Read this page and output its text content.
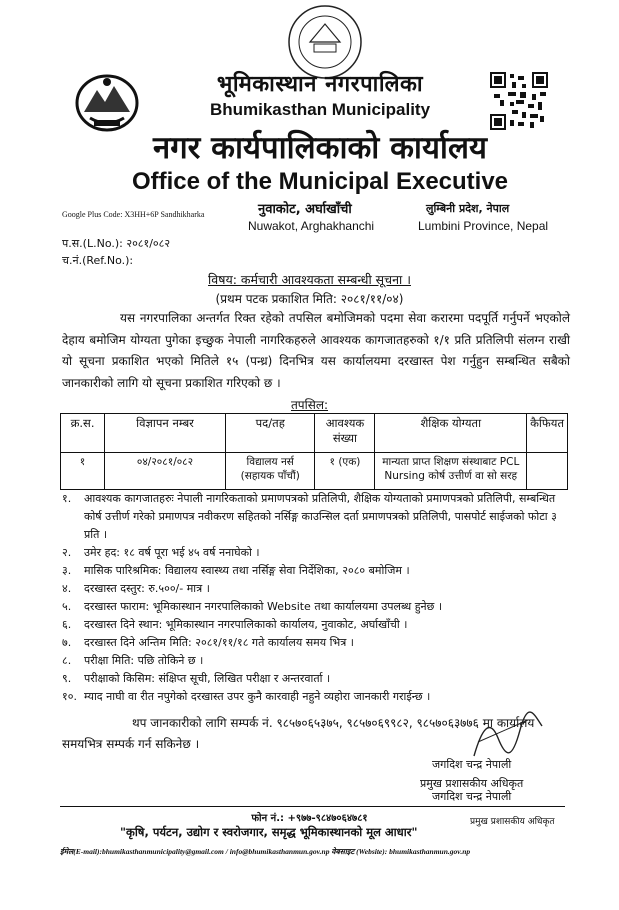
भूमिकास्थान नगरपालिका
Bhumikasthan Municipality
नगर कार्यपालिकाको कार्यालय
Office of the Municipal Executive
Google Plus Code: X3HH+6P Sandhikharka	नुवाकोट, अर्घाखाँची
Nuwakot, Arghakhanchi
लुम्बिनी प्रदेश, नेपाल
Lumbini Province, Nepal
प.स.(L.No.): २०८१/०८२
च.नं.(Ref.No.):
विषय: कर्मचारी आवश्यकता सम्बन्धी सूचना ।
(प्रथम पटक प्रकाशित मिति: २०८१/११/०४)
यस नगरपालिका अन्तर्गत रिक्त रहेको तपसिल बमोजिमको पदमा सेवा करारमा पदपूर्ति गर्नुपर्ने भएकोले देहाय बमोजिम योग्यता पुगेका इच्छुक नेपाली नागरिकहरुले आवश्यक कागजातहरुको १/१ प्रति प्रतिलिपी संलग्न राखी यो सूचना प्रकाशित भएको मितिले १५ (पन्ध्र) दिनभित्र यस कार्यालयमा दरखास्त पेश गर्नुहुन सम्बन्धित सबैको जानकारीको लागि यो सूचना प्रकाशित गरिएको छ ।
तपसिल:
क्र.स.	विज्ञापन नम्बर	पद/तह	आवश्यक संख्या	शैक्षिक योग्यता	कैफियत
१	०४/२०८१/०८२	विद्यालय नर्स (सहायक पाँचौं)	१ (एक)	मान्यता प्राप्त शिक्षण संस्थाबाट PCL Nursing कोर्ष उत्तीर्ण वा सो सरह	
१. आवश्यक कागजातहरुः नेपाली नागरिकताको प्रमाणपत्रको प्रतिलिपी, शैक्षिक योग्यताको प्रमाणपत्रको प्रतिलिपी, सम्बन्धित कोर्ष उत्तीर्ण गरेको प्रमाणपत्र नवीकरण सहितको नर्सिङ्ग काउन्सिल दर्ता प्रमाणपत्रको प्रतिलिपी, पासपोर्ट साईजको फोटा ३ प्रति ।
२. उमेर हद: १८ वर्ष पूरा भई ४५ वर्ष ननाघेको ।
३. मासिक पारिश्रमिक: विद्यालय स्वास्थ्य तथा नर्सिङ्ग सेवा निर्देशिका, २०८० बमोजिम ।
४. दरखास्त दस्तुर: रु.५००/- मात्र ।
५. दरखास्त फाराम: भूमिकास्थान नगरपालिकाको Website तथा कार्यालयमा उपलब्ध हुनेछ ।
६. दरखास्त दिने स्थान: भूमिकास्थान नगरपालिकाको कार्यालय, नुवाकोट, अर्घाखाँची ।
७. दरखास्त दिने अन्तिम मिति: २०८१/११/१८ गते कार्यालय समय भित्र ।
८. परीक्षा मिति: पछि तोकिने छ ।
९. परीक्षाको किसिम: संक्षिप्त सूची, लिखित परीक्षा र अन्तरवार्ता ।
१०. म्याद नाघी वा रीत नपुगेको दरखास्त उपर कुनै कारवाही नहुने व्यहोरा जानकारी गराईन्छ ।
थप जानकारीको लागि सम्पर्क नं. ९८५७०६५३७५, ९८५७०६९९८२, ९८५७०६३७७६ मा कार्यालय समयभित्र सम्पर्क गर्न सकिनेछ ।
जगदिश चन्द्र नेपाली
प्रमुख प्रशासकीय अधिकृत
जगदिश चन्द्र नेपाली
प्रमुख प्रशासकीय अधिकृत
फोन नं.: +९७७-९८४७०६४७८१
"कृषि, पर्यटन, उद्योग र स्वरोजगार, समृद्ध भूमिकास्थानको मूल आधार"
ईमेल(E-mail):bhumikasthanmunicipality@gmail.com / info@bhumikasthanmun.gov.np वेबसाइट (Website): bhumikasthanmun.gov.np
